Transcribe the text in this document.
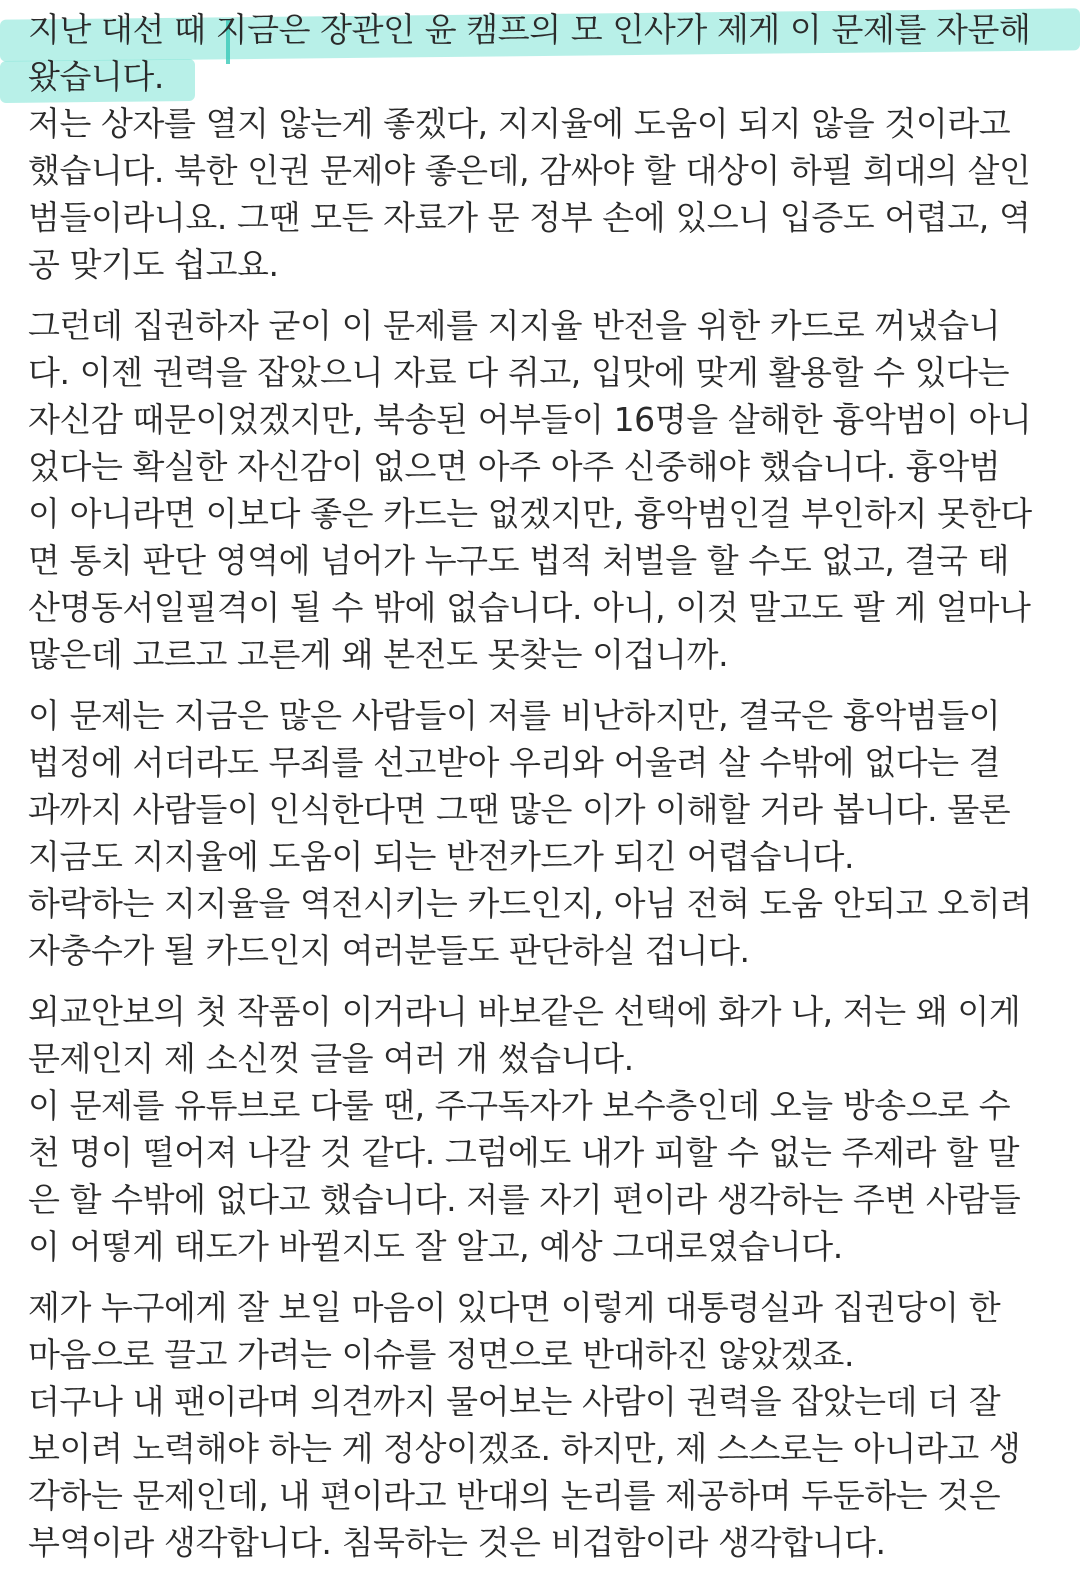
지난 대선 때 지금은 장관인 윤 캠프의 모 인사가 제게 이 문제를 자문해
왔습니다.
저는 상자를 열지 않는게 좋겠다, 지지율에 도움이 되지 않을 것이라고
했습니다. 북한 인권 문제야 좋은데, 감싸야 할 대상이 하필 희대의 살인
범들이라니요. 그땐 모든 자료가 문 정부 손에 있으니 입증도 어렵고, 역
공 맞기도 쉽고요.
그런데 집권하자 굳이 이 문제를 지지율 반전을 위한 카드로 꺼냈습니
다. 이젠 권력을 잡았으니 자료 다 쥐고, 입맛에 맞게 활용할 수 있다는
자신감 때문이었겠지만, 북송된 어부들이 16명을 살해한 흉악범이 아니
었다는 확실한 자신감이 없으면 아주 아주 신중해야 했습니다. 흉악범
이 아니라면 이보다 좋은 카드는 없겠지만, 흉악범인걸 부인하지 못한다
면 통치 판단 영역에 넘어가 누구도 법적 처벌을 할 수도 없고, 결국 태
산명동서일필격이 될 수 밖에 없습니다. 아니, 이것 말고도 팔 게 얼마나
많은데 고르고 고른게 왜 본전도 못찾는 이겁니까.
이 문제는 지금은 많은 사람들이 저를 비난하지만, 결국은 흉악범들이
법정에 서더라도 무죄를 선고받아 우리와 어울려 살 수밖에 없다는 결
과까지 사람들이 인식한다면 그땐 많은 이가 이해할 거라 봅니다. 물론
지금도 지지율에 도움이 되는 반전카드가 되긴 어렵습니다.
하락하는 지지율을 역전시키는 카드인지, 아님 전혀 도움 안되고 오히려
자충수가 될 카드인지 여러분들도 판단하실 겁니다.
외교안보의 첫 작품이 이거라니 바보같은 선택에 화가 나, 저는 왜 이게
문제인지 제 소신껏 글을 여러 개 썼습니다.
이 문제를 유튜브로 다룰 땐, 주구독자가 보수층인데 오늘 방송으로 수
천 명이 떨어져 나갈 것 같다. 그럼에도 내가 피할 수 없는 주제라 할 말
은 할 수밖에 없다고 했습니다. 저를 자기 편이라 생각하는 주변 사람들
이 어떻게 태도가 바뀔지도 잘 알고, 예상 그대로였습니다.
제가 누구에게 잘 보일 마음이 있다면 이렇게 대통령실과 집권당이 한
마음으로 끌고 가려는 이슈를 정면으로 반대하진 않았겠죠.
더구나 내 팬이라며 의견까지 물어보는 사람이 권력을 잡았는데 더 잘
보이려 노력해야 하는 게 정상이겠죠. 하지만, 제 스스로는 아니라고 생
각하는 문제인데, 내 편이라고 반대의 논리를 제공하며 두둔하는 것은
부역이라 생각합니다. 침묵하는 것은 비겁함이라 생각합니다.
